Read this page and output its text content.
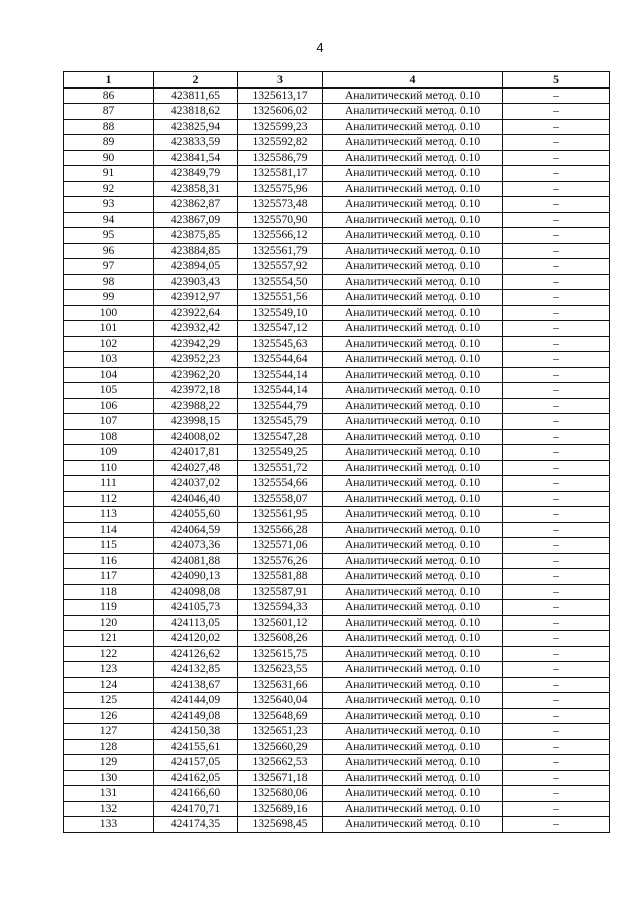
4
1	2	3	4	5
86	423811,65	1325613,17	Аналитический метод. 0.10	–
87	423818,62	1325606,02	Аналитический метод. 0.10	–
88	423825,94	1325599,23	Аналитический метод. 0.10	–
89	423833,59	1325592,82	Аналитический метод. 0.10	–
90	423841,54	1325586,79	Аналитический метод. 0.10	–
91	423849,79	1325581,17	Аналитический метод. 0.10	–
92	423858,31	1325575,96	Аналитический метод. 0.10	–
93	423862,87	1325573,48	Аналитический метод. 0.10	–
94	423867,09	1325570,90	Аналитический метод. 0.10	–
95	423875,85	1325566,12	Аналитический метод. 0.10	–
96	423884,85	1325561,79	Аналитический метод. 0.10	–
97	423894,05	1325557,92	Аналитический метод. 0.10	–
98	423903,43	1325554,50	Аналитический метод. 0.10	–
99	423912,97	1325551,56	Аналитический метод. 0.10	–
100	423922,64	1325549,10	Аналитический метод. 0.10	–
101	423932,42	1325547,12	Аналитический метод. 0.10	–
102	423942,29	1325545,63	Аналитический метод. 0.10	–
103	423952,23	1325544,64	Аналитический метод. 0.10	–
104	423962,20	1325544,14	Аналитический метод. 0.10	–
105	423972,18	1325544,14	Аналитический метод. 0.10	–
106	423988,22	1325544,79	Аналитический метод. 0.10	–
107	423998,15	1325545,79	Аналитический метод. 0.10	–
108	424008,02	1325547,28	Аналитический метод. 0.10	–
109	424017,81	1325549,25	Аналитический метод. 0.10	–
110	424027,48	1325551,72	Аналитический метод. 0.10	–
111	424037,02	1325554,66	Аналитический метод. 0.10	–
112	424046,40	1325558,07	Аналитический метод. 0.10	–
113	424055,60	1325561,95	Аналитический метод. 0.10	–
114	424064,59	1325566,28	Аналитический метод. 0.10	–
115	424073,36	1325571,06	Аналитический метод. 0.10	–
116	424081,88	1325576,26	Аналитический метод. 0.10	–
117	424090,13	1325581,88	Аналитический метод. 0.10	–
118	424098,08	1325587,91	Аналитический метод. 0.10	–
119	424105,73	1325594,33	Аналитический метод. 0.10	–
120	424113,05	1325601,12	Аналитический метод. 0.10	–
121	424120,02	1325608,26	Аналитический метод. 0.10	–
122	424126,62	1325615,75	Аналитический метод. 0.10	–
123	424132,85	1325623,55	Аналитический метод. 0.10	–
124	424138,67	1325631,66	Аналитический метод. 0.10	–
125	424144,09	1325640,04	Аналитический метод. 0.10	–
126	424149,08	1325648,69	Аналитический метод. 0.10	–
127	424150,38	1325651,23	Аналитический метод. 0.10	–
128	424155,61	1325660,29	Аналитический метод. 0.10	–
129	424157,05	1325662,53	Аналитический метод. 0.10	–
130	424162,05	1325671,18	Аналитический метод. 0.10	–
131	424166,60	1325680,06	Аналитический метод. 0.10	–
132	424170,71	1325689,16	Аналитический метод. 0.10	–
133	424174,35	1325698,45	Аналитический метод. 0.10	–
